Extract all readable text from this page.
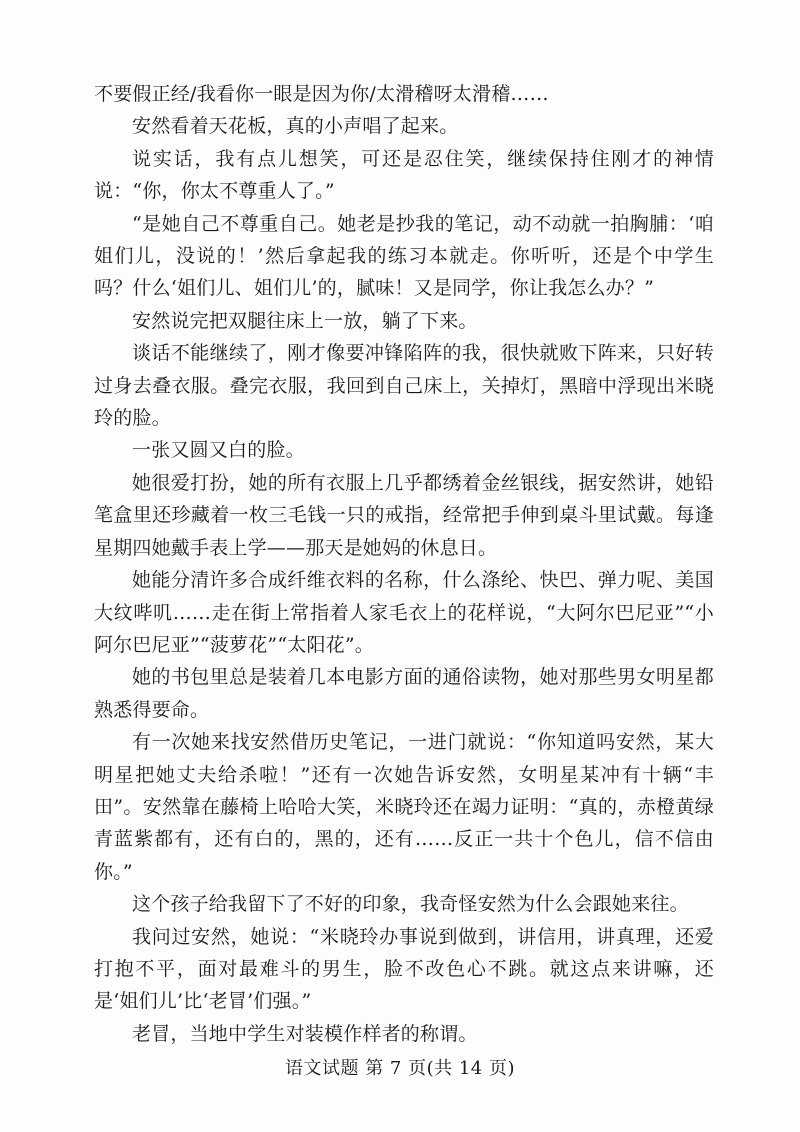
不要假正经/我看你一眼是因为你/太滑稽呀太滑稽……

安然看着天花板，真的小声唱了起来。

说实话，我有点儿想笑，可还是忍住笑，继续保持住刚才的神情说：“你，你太不尊重人了。”

“是她自己不尊重自己。她老是抄我的笔记，动不动就一拍胸脯：‘咱姐们儿，没说的！’然后拿起我的练习本就走。你听听，还是个中学生吗？什么‘姐们儿、姐们儿’的，腻味！又是同学，你让我怎么办？”

安然说完把双腿往床上一放，躺了下来。

谈话不能继续了，刚才像要冲锋陷阵的我，很快就败下阵来，只好转过身去叠衣服。叠完衣服，我回到自己床上，关掉灯，黑暗中浮现出米晓玲的脸。

一张又圆又白的脸。

她很爱打扮，她的所有衣服上几乎都绣着金丝银线，据安然讲，她铅笔盒里还珍藏着一枚三毛钱一只的戒指，经常把手伸到桌斗里试戴。每逢星期四她戴手表上学——那天是她妈的休息日。

她能分清许多合成纤维衣料的名称，什么涤纶、快巴、弹力呢、美国大纹哔叽……走在街上常指着人家毛衣上的花样说，“大阿尔巴尼亚”“小阿尔巴尼亚”“菠萝花”“太阳花”。

她的书包里总是装着几本电影方面的通俗读物，她对那些男女明星都熟悉得要命。

有一次她来找安然借历史笔记，一进门就说：“你知道吗安然，某大明星把她丈夫给杀啦！”还有一次她告诉安然，女明星某冲有十辆“丰田”。安然靠在藤椅上哈哈大笑，米晓玲还在竭力证明：“真的，赤橙黄绿青蓝紫都有，还有白的，黑的，还有……反正一共十个色儿，信不信由你。”

这个孩子给我留下了不好的印象，我奇怪安然为什么会跟她来往。

我问过安然，她说：“米晓玲办事说到做到，讲信用，讲真理，还爱打抱不平，面对最难斗的男生，脸不改色心不跳。就这点来讲嘛，还是‘姐们儿’比‘老冒’们强。”

老冒，当地中学生对装模作样者的称谓。

语文试题 第 7 页(共 14 页)
